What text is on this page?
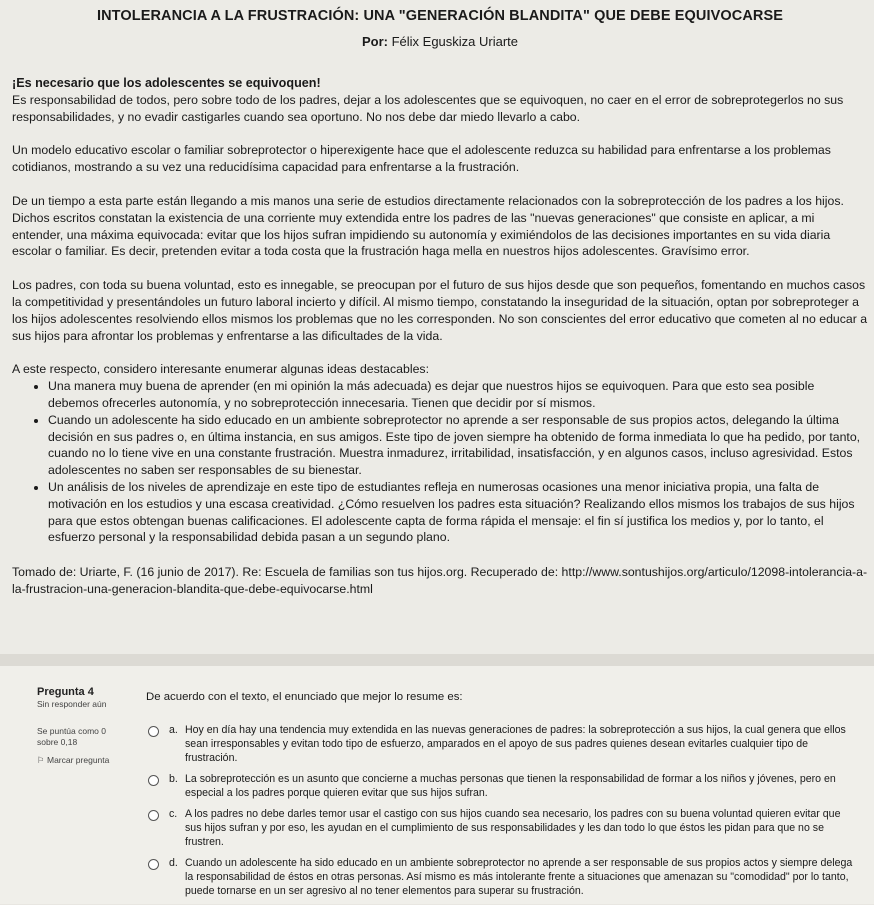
INTOLERANCIA A LA FRUSTRACIÓN: UNA "GENERACIÓN BLANDITA" QUE DEBE EQUIVOCARSE

Por: Félix Eguskiza Uriarte

¡Es necesario que los adolescentes se equivoquen!

Es responsabilidad de todos, pero sobre todo de los padres, dejar a los adolescentes que se equivoquen, no caer en el error de sobreprotegerlos no sus responsabilidades, y no evadir castigarles cuando sea oportuno. No nos debe dar miedo llevarlo a cabo.

Un modelo educativo escolar o familiar sobreprotector o hiperexigente hace que el adolescente reduzca su habilidad para enfrentarse a los problemas cotidianos, mostrando a su vez una reducidísima capacidad para enfrentarse a la frustración.

De un tiempo a esta parte están llegando a mis manos una serie de estudios directamente relacionados con la sobreprotección de los padres a los hijos. Dichos escritos constatan la existencia de una corriente muy extendida entre los padres de las "nuevas generaciones" que consiste en aplicar, a mi entender, una máxima equivocada: evitar que los hijos sufran impidiendo su autonomía y eximiéndolos de las decisiones importantes en su vida diaria escolar o familiar. Es decir, pretenden evitar a toda costa que la frustración haga mella en nuestros hijos adolescentes. Gravísimo error.

Los padres, con toda su buena voluntad, esto es innegable, se preocupan por el futuro de sus hijos desde que son pequeños, fomentando en muchos casos la competitividad y presentándoles un futuro laboral incierto y difícil. Al mismo tiempo, constatando la inseguridad de la situación, optan por sobreproteger a los hijos adolescentes resolviendo ellos mismos los problemas que no les corresponden. No son conscientes del error educativo que cometen al no educar a sus hijos para afrontar los problemas y enfrentarse a las dificultades de la vida.

A este respecto, considero interesante enumerar algunas ideas destacables:

• Una manera muy buena de aprender (en mi opinión la más adecuada) es dejar que nuestros hijos se equivoquen. Para que esto sea posible debemos ofrecerles autonomía, y no sobreprotección innecesaria. Tienen que decidir por sí mismos.
• Cuando un adolescente ha sido educado en un ambiente sobreprotector no aprende a ser responsable de sus propios actos, delegando la última decisión en sus padres o, en última instancia, en sus amigos. Este tipo de joven siempre ha obtenido de forma inmediata lo que ha pedido, por tanto, cuando no lo tiene vive en una constante frustración. Muestra inmadurez, irritabilidad, insatisfacción, y en algunos casos, incluso agresividad. Estos adolescentes no saben ser responsables de su bienestar.
• Un análisis de los niveles de aprendizaje en este tipo de estudiantes refleja en numerosas ocasiones una menor iniciativa propia, una falta de motivación en los estudios y una escasa creatividad. ¿Cómo resuelven los padres esta situación? Realizando ellos mismos los trabajos de sus hijos para que estos obtengan buenas calificaciones. El adolescente capta de forma rápida el mensaje: el fin sí justifica los medios y, por lo tanto, el esfuerzo personal y la responsabilidad debida pasan a un segundo plano.

Tomado de: Uriarte, F. (16 junio de 2017). Re: Escuela de familias son tus hijos.org. Recuperado de: http://www.sontushijos.org/articulo/12098-intolerancia-a-la-frustracion-una-generacion-blandita-que-debe-equivocarse.html

Pregunta 4
Sin responder aún
Se puntúa como 0 sobre 0,18
⚐ Marcar pregunta
De acuerdo con el texto, el enunciado que mejor lo resume es:
a. Hoy en día hay una tendencia muy extendida en las nuevas generaciones de padres: la sobreprotección a sus hijos, la cual genera que ellos sean irresponsables y evitan todo tipo de esfuerzo, amparados en el apoyo de sus padres quienes desean evitarles cualquier tipo de frustración.
b. La sobreprotección es un asunto que concierne a muchas personas que tienen la responsabilidad de formar a los niños y jóvenes, pero en especial a los padres porque quieren evitar que sus hijos sufran.
c. A los padres no debe darles temor usar el castigo con sus hijos cuando sea necesario, los padres con su buena voluntad quieren evitar que sus hijos sufran y por eso, les ayudan en el cumplimiento de sus responsabilidades y les dan todo lo que éstos les pidan para que no se frustren.
d. Cuando un adolescente ha sido educado en un ambiente sobreprotector no aprende a ser responsable de sus propios actos y siempre delega la responsabilidad de éstos en otras personas. Así mismo es más intolerante frente a situaciones que amenazan su "comodidad" por lo tanto, puede tornarse en un ser agresivo al no tener elementos para superar su frustración.
